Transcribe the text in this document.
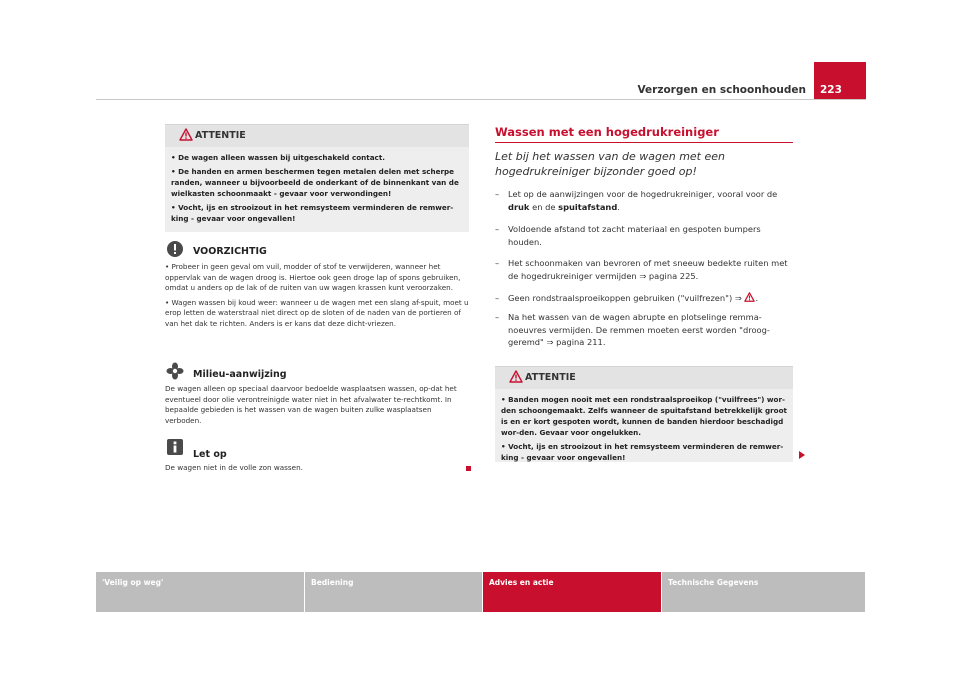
Verzorgen en schoonhouden	223
ATTENTIE

• De wagen alleen wassen bij uitgeschakeld contact.

• De handen en armen beschermen tegen metalen delen met scherpe randen, wanneer u bijvoorbeeld de onderkant of de binnenkant van de wielkasten schoonmaakt - gevaar voor verwondingen!

• Vocht, ijs en strooizout in het remsysteem verminderen de remwer-king - gevaar voor ongevallen!

VOORZICHTIG

• Probeer in geen geval om vuil, modder of stof te verwijderen, wanneer het oppervlak van de wagen droog is. Hiertoe ook geen droge lap of spons gebruiken, omdat u anders op de lak of de ruiten van uw wagen krassen kunt veroorzaken.

• Wagen wassen bij koud weer: wanneer u de wagen met een slang af-spuit, moet u erop letten de waterstraal niet direct op de sloten of de naden van de portieren of van het dak te richten. Anders is er kans dat deze dicht-vriezen.

Milieu-aanwijzing

De wagen alleen op speciaal daarvoor bedoelde wasplaatsen wassen, op-dat het eventueel door olie verontreinigde water niet in het afvalwater te-rechtkomt. In bepaalde gebieden is het wassen van de wagen buiten zulke wasplaatsen verboden.

Let op

De wagen niet in de volle zon wassen.

Wassen met een hogedrukreiniger
Let bij het wassen van de wagen met een hogedrukreiniger bijzonder goed op!
– Let op de aanwijzingen voor de hogedrukreiniger, vooral voor de druk en de spuitafstand.
– Voldoende afstand tot zacht materiaal en gespoten bumpers houden.
– Het schoonmaken van bevroren of met sneeuw bedekte ruiten met de hogedrukreiniger vermijden ⇒ pagina 225.
– Geen rondstraalsproeikoppen gebruiken ("vuilfrezen") ⇒ .
– Na het wassen van de wagen abrupte en plotselinge remma-noeuvres vermijden. De remmen moeten eerst worden "droog-geremd" ⇒ pagina 211.
ATTENTIE

• Banden mogen nooit met een rondstraalsproeikop ("vuilfrees") wor-den schoongemaakt. Zelfs wanneer de spuitafstand betrekkelijk groot is en er kort gespoten wordt, kunnen de banden hierdoor beschadigd wor-den. Gevaar voor ongelukken.

• Vocht, ijs en strooizout in het remsysteem verminderen de remwer-king - gevaar voor ongevallen!

'Veilig op weg'	Bediening	Advies en actie	Technische Gegevens
